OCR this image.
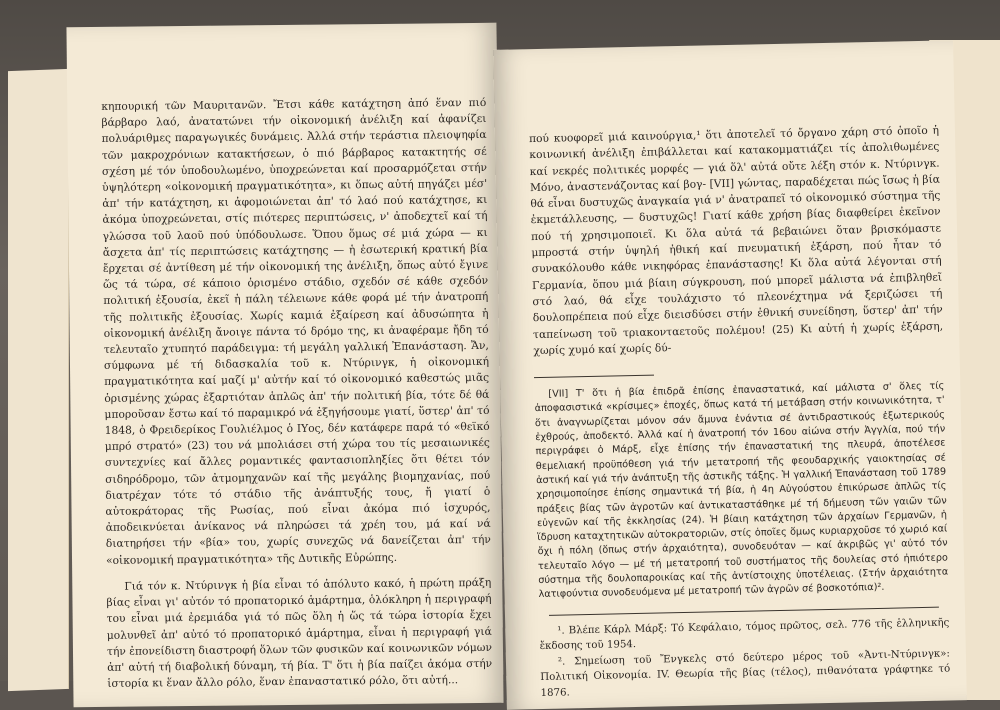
κηπουρική τῶν Μαυριτανῶν. Ἔτσι κάθε κατάχτηση ἀπό ἕναν πιό βάρβαρο λαό, ἀνατατώνει τήν οἰκονομική ἀνέλιξη καί ἀφανίζει πολυάριθμες παραγωγικές δυνάμεις. Ἀλλά στήν τεράστια πλειοψηφία τῶν μακροχρόνιων κατακτήσεων, ὁ πιό βάρβαρος κατακτητής σέ σχέση μέ τόν ὑποδουλωμένο, ὑποχρεώνεται καί προσαρμόζεται στήν ὑψηλότερη «οἰκονομική πραγματικότητα», κι ὅπως αὐτή πηγάζει μέσ' ἀπ' τήν κατάχτηση, κι ἀφομοιώνεται ἀπ' τό λαό πού κατάχτησε, κι ἀκόμα ὑποχρεώνεται, στίς πιότερες περιπτώσεις, ν' ἀποδεχτεῖ καί τή γλώσσα τοῦ λαοῦ πού ὑπόδουλωσε. Ὅπου ὅμως σέ μιά χώρα — κι ἄσχετα ἀπ' τίς περιπτώσεις κατάχτησης — ἡ ἐσωτερική κρατική βία ἔρχεται σέ ἀντίθεση μέ τήν οἰκονομική της ἀνέλιξη, ὅπως αὐτό ἔγινε ὥς τά τώρα, σέ κάποιο ὁρισμένο στάδιο, σχεδόν σέ κάθε σχεδόν πολιτική ἐξουσία, ἐκεῖ ἡ πάλη τέλειωνε κάθε φορά μέ τήν ἀνατροπή τῆς πολιτικῆς ἐξουσίας. Χωρίς καμιά ἐξαίρεση καί ἀδυσώπητα ἡ οἰκονομική ἀνέλιξη ἄνοιγε πάντα τό δρόμο της, κι ἀναφέραμε ἤδη τό τελευταῖο χτυπητό παράδειγμα: τή μεγάλη γαλλική Ἐπανάσταση. Ἄν, σύμφωνα μέ τή διδασκαλία τοῦ κ. Ντύρινγκ, ἡ οἰκονομική πραγματικότητα καί μαζί μ' αὐτήν καί τό οἰκονομικό καθεστώς μιᾶς ὁρισμένης χώρας ἐξαρτιόταν ἁπλῶς ἀπ' τήν πολιτική βία, τότε δέ θά μποροῦσαν ἔστω καί τό παραμικρό νά ἐξηγήσουμε γιατί, ὕστερ' ἀπ' τό 1848, ὁ Φρειδερίκος Γουλιέλμος ὁ ΙΥος, δέν κατάφερε παρά τό «θεϊκό μπρό στρατό» (23) του νά μπολιάσει στή χώρα του τίς μεσαιωνικές συντεχνίες καί ἄλλες ρομαντικές φαντασιοπληξίες ὅτι θέτει τόν σιδηρόδρομο, τῶν ἀτμομηχανῶν καί τῆς μεγάλης βιομηχανίας, πού διατρέχαν τότε τό στάδιο τῆς ἀνάπτυξής τους, ἤ γιατί ὁ αὐτοκράτορας τῆς Ρωσίας, πού εἶναι ἀκόμα πιό ἰσχυρός, ἀποδεικνύεται ἀνίκανος νά πληρώσει τά χρέη του, μά καί νά διατηρήσει τήν «βία» του, χωρίς συνεχῶς νά δανείζεται ἀπ' τήν «οἰκονομική πραγματικότητα» τῆς Δυτικῆς Εὐρώπης.

Γιά τόν κ. Ντύρινγκ ἡ βία εἶναι τό ἀπόλυτο κακό, ἡ πρώτη πράξη βίας εἶναι γι' αὐτόν τό προπατορικό ἁμάρτημα, ὁλόκληρη ἡ περιγραφή του εἶναι μιά ἐρεμιάδα γιά τό πῶς ὅλη ἡ ὥς τά τώρα ἱστορία ἔχει μολυνθεῖ ἀπ' αὐτό τό προπατορικό ἁμάρτημα, εἶναι ἡ περιγραφή γιά τήν ἐπονείδιστη διαστροφή ὅλων τῶν φυσικῶν καί κοινωνικῶν νόμων ἀπ' αὐτή τή διαβολική δύναμη, τή βία. Τ' ὅτι ἡ βία παίζει ἀκόμα στήν ἱστορία κι ἕναν ἄλλο ρόλο, ἕναν ἐπαναστατικό ρόλο, ὅτι αὐτή...

πού κυοφορεῖ μιά καινούργια,¹ ὅτι ἀποτελεῖ τό ὄργανο χάρη στό ὁποῖο ἡ κοινωνική ἀνέλιξη ἐπιβάλλεται καί κατακομματιάζει τίς ἀπολιθωμένες καί νεκρές πολιτικές μορφές — γιά ὅλ' αὐτά οὔτε λέξη στόν κ. Ντύρινγκ. Μόνο, ἀναστενάζοντας καί βογ- [VII] γώντας, παραδέχεται πώς ἴσως ἡ βία θά εἶναι δυστυχῶς ἀναγκαία γιά ν' ἀνατραπεῖ τό οἰκονομικό σύστημα τῆς ἐκμετάλλευσης, — δυστυχῶς! Γιατί κάθε χρήση βίας διαφθείρει ἐκεῖνον πού τή χρησιμοποιεῖ. Κι ὅλα αὐτά τά βεβαιώνει ὅταν βρισκόμαστε μπροστά στήν ὑψηλή ἠθική καί πνευματική ἐξάρση, πού ἦταν τό συνακόλουθο κάθε νικηφόρας ἐπανάστασης! Κι ὅλα αὐτά λέγονται στή Γερμανία, ὅπου μιά βίαιη σύγκρουση, πού μπορεῖ μάλιστα νά ἐπιβληθεῖ στό λαό, θά εἶχε τουλάχιστο τό πλεονέχτημα νά ξεριζώσει τή δουλοπρέπεια πού εἶχε διεισδύσει στήν ἐθνική συνείδηση, ὕστερ' ἀπ' τήν ταπείνωση τοῦ τριακονταετοῦς πολέμου! (25) Κι αὐτή ἡ χωρίς ἐξάρση, χωρίς χυμό καί χωρίς δύ-

[VII] Τ' ὅτι ἡ βία ἐπιδρᾶ ἐπίσης ἐπαναστατικά, καί μάλιστα σ' ὅλες τίς ἀποφασιστικά «κρίσιμες» ἐποχές, ὅπως κατά τή μετάβαση στήν κοινωνικότητα, τ' ὅτι ἀναγνωρίζεται μόνον σάν ἄμυνα ἐνάντια σέ ἀντιδραστικούς ἐξωτερικούς ἐχθρούς, ἀποδεκτό. Ἀλλά καί ἡ ἀνατροπή τόν 16ου αἰώνα στήν Ἀγγλία, πού τήν περιγράφει ὁ Μάρξ, εἶχε ἐπίσης τήν ἐπαναστατική της πλευρά, ἀποτέλεσε θεμελιακή προϋπόθεση γιά τήν μετατροπή τῆς φεουδαρχικής γαιοκτησίας σέ ἀστική καί γιά τήν ἀνάπτυξη τῆς ἀστικῆς τάξης. Ἡ γαλλική Ἐπανάσταση τοῦ 1789 χρησιμοποίησε ἐπίσης σημαντικά τή βία, ἡ 4η Αὐγούστου ἐπικύρωσε ἁπλῶς τίς πράξεις βίας τῶν ἀγροτῶν καί ἀντικαταστάθηκε μέ τή δήμευση τῶν γαιῶν τῶν εὐγενῶν καί τῆς ἐκκλησίας (24). Ἡ βίαιη κατάχτηση τῶν ἀρχαίων Γερμανῶν, ἡ ἵδρυση καταχτητικῶν αὐτοκρατοριῶν, στίς ὁποῖες ὅμως κυριαρχοῦσε τό χωριό καί ὄχι ἡ πόλη (ὅπως στήν ἀρχαιότητα), συνοδευόταν — καί ἀκριβῶς γι' αὐτό τόν τελευταῖο λόγο — μέ τή μετατροπή τοῦ συστήματος τῆς δουλείας στό ἠπιότερο σύστημα τῆς δουλοπαροικίας καί τῆς ἀντίστοιχης ὑποτέλειας. (Στήν ἀρχαιότητα λατιφούντια συνοδευόμενα μέ μετατροπή τῶν ἀγρῶν σέ βοσκοτόπια)².

¹. Βλέπε Κάρλ Μάρξ: Τό Κεφάλαιο, τόμος πρῶτος, σελ. 776 τῆς ἑλληνικῆς ἔκδοσης τοῦ 1954.

². Σημείωση τοῦ Ἔνγκελς στό δεύτερο μέρος τοῦ «Ἀντι-Ντύρινγκ»: Πολιτική Οἰκονομία. IV. Θεωρία τῆς βίας (τέλος), πιθανότατα γράφτηκε τό 1876.
